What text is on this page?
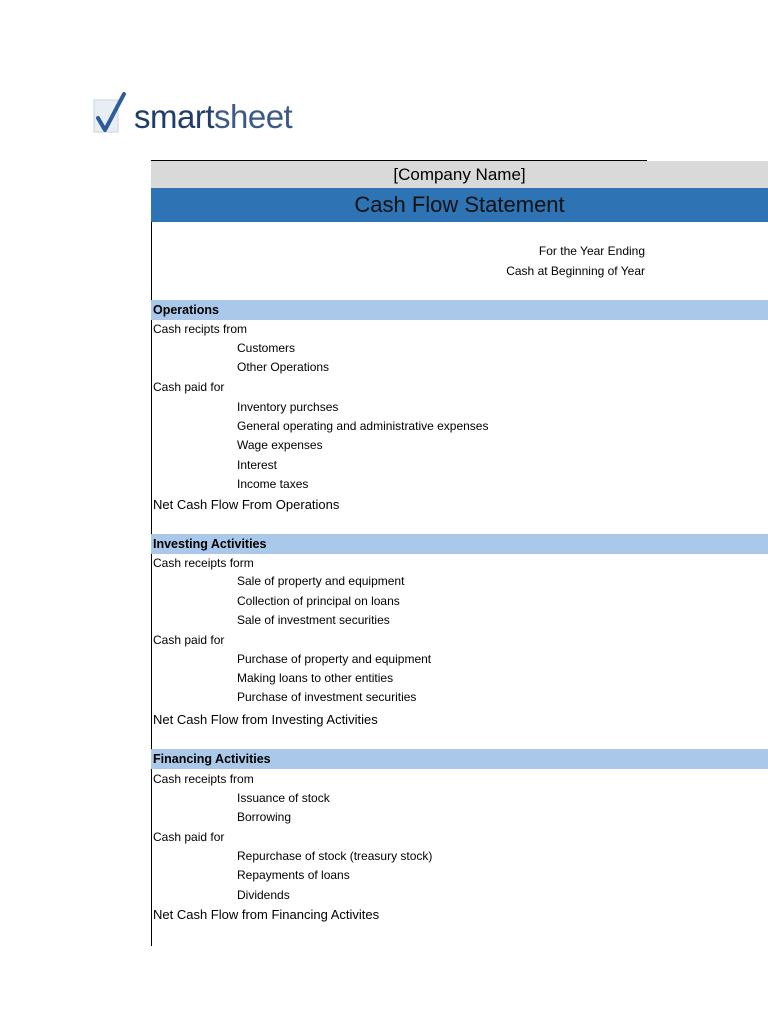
smartsheet
[Company Name]
Cash Flow Statement
For the Year Ending
Cash at Beginning of Year
Operations
Cash recipts from
Customers
Other Operations
Cash paid for
Inventory purchses
General operating and administrative expenses
Wage expenses
Interest
Income taxes
Net Cash Flow From Operations
Investing Activities
Cash receipts form
Sale of property and equipment
Collection of principal on loans
Sale of investment securities
Cash paid for
Purchase of property and equipment
Making loans to other entities
Purchase of investment securities
Net Cash Flow from Investing Activities
Financing Activities
Cash receipts from
Issuance of stock
Borrowing
Cash paid for
Repurchase of stock (treasury stock)
Repayments of loans
Dividends
Net Cash Flow from Financing Activites
